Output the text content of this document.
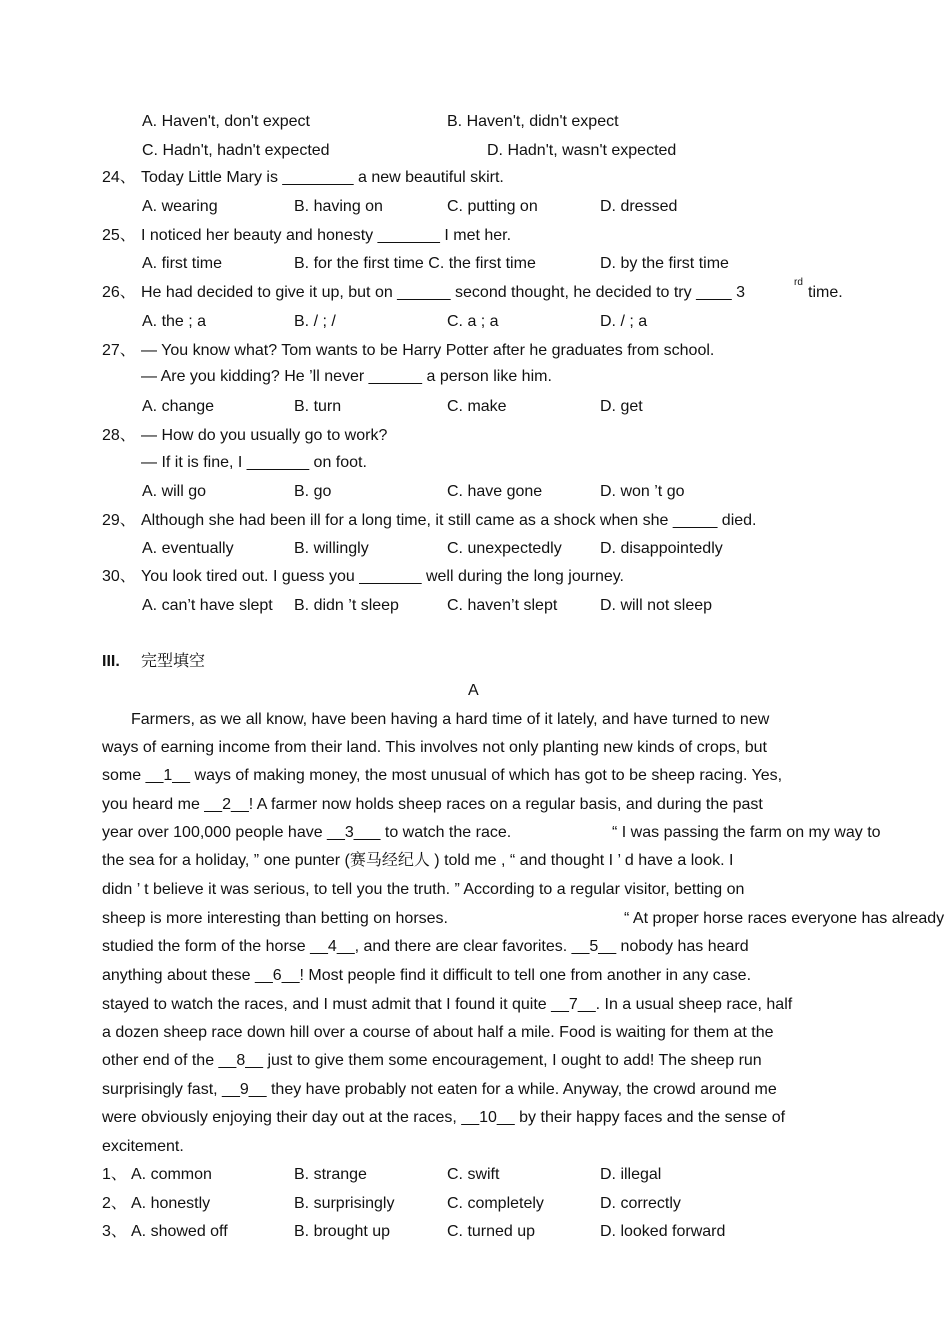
A. Haven't, don't expect	B. Haven't, didn't expect
C. Hadn't, hadn't expected	D. Hadn't, wasn't expected
24、 Today Little Mary is ________ a new beautiful skirt.
A. wearing	B. having on	C. putting on	D. dressed
25、 I noticed her beauty and honesty _______ I met her.
A. first time	B. for the first time C. the first time	D. by the first time
26、 He had decided to give it up, but on ______ second thought, he decided to try ____ 3
rd
time.
A. the ; a	B. / ; /	C. a ; a	D. / ; a
27、 — You know what? Tom wants to be Harry Potter after he graduates from school.
— Are you kidding? He ’ll never ______ a person like him.
A. change	B. turn	C. make	D. get
28、 — How do you usually go to work?
— If it is fine, I _______ on foot.
A. will go	B. go	C. have gone	D. won ’t go
29、 Although she had been ill for a long time, it still came as a shock when she _____ died.
A. eventually	B. willingly	C. unexpectedly D. disappointedly
30、 You look tired out. I guess you _______ well during the long journey.
A. can’t have slept B. didn ’t sleep	C. haven’t slept	D. will not sleep
III. 完型填空
A
Farmers, as we all know, have been having a hard time of it lately, and have turned to new
ways of earning income from their land. This involves not only planting new kinds of crops, but
some __1__ ways of making money, the most unusual of which has got to be sheep racing. Yes,
you heard me __2__! A farmer now holds sheep races on a regular basis, and during the past
year over 100,000 people have __3___ to watch the race.	“ I was passing the farm on my way to
the sea for a holiday, ” one punter (赛马经纪人 ) told me , “ and thought I ’ d have a look. I
didn ’ t believe it was serious, to tell you the truth. ” According to a regular visitor, betting on
sheep is more interesting than betting on horses.	“ At proper horse races everyone has already
studied the form of the horse __4__, and there are clear favorites. __5__ nobody has heard
anything about these __6__! Most people find it difficult to tell one from another in any case.
stayed to watch the races, and I must admit that I found it quite __7__. In a usual sheep race, half
a dozen sheep race down hill over a course of about half a mile. Food is waiting for them at the
other end of the __8__ just to give them some encouragement, I ought to add! The sheep run
surprisingly fast, __9__ they have probably not eaten for a while. Anyway, the crowd around me
were obviously enjoying their day out at the races, __10__ by their happy faces and the sense of
excitement.
1、 A. common	B. strange	C. swift	D. illegal
2、 A. honestly	B. surprisingly	C. completely	D. correctly
3、 A. showed off	B. brought up	C. turned up	D. looked forward
